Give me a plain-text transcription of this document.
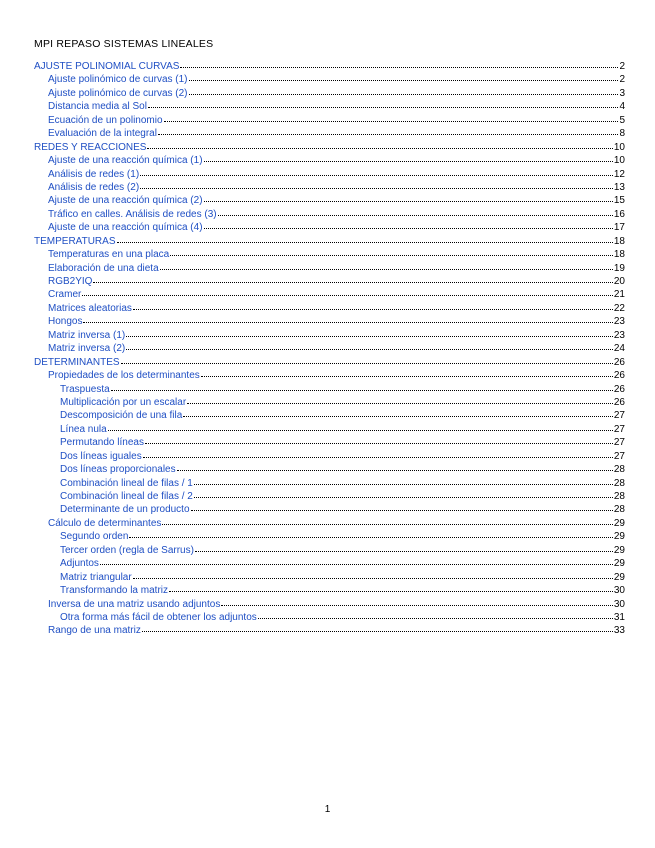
MPI REPASO SISTEMAS LINEALES
AJUSTE POLINOMIAL CURVAS	2
Ajuste polinómico de curvas (1)	2
Ajuste polinómico de curvas (2)	3
Distancia media al Sol	4
Ecuación de un polinomio	5
Evaluación de la integral	8
REDES Y REACCIONES	10
Ajuste de una reacción química (1)	10
Análisis de redes (1)	12
Análisis de redes (2)	13
Ajuste de una reacción química (2)	15
Tráfico en calles. Análisis de redes (3)	16
Ajuste de una reacción química (4)	17
TEMPERATURAS	18
Temperaturas en una placa	18
Elaboración de una dieta	19
RGB2YIQ	20
Cramer	21
Matrices aleatorias	22
Hongos	23
Matriz inversa (1)	23
Matriz inversa (2)	24
DETERMINANTES	26
Propiedades de los determinantes	26
Traspuesta	26
Multiplicación por un escalar	26
Descomposición de una fila	27
Línea nula	27
Permutando líneas	27
Dos líneas iguales	27
Dos líneas proporcionales	28
Combinación lineal de filas / 1	28
Combinación lineal de filas / 2	28
Determinante de un producto	28
Cálculo de determinantes	29
Segundo orden	29
Tercer orden (regla de Sarrus)	29
Adjuntos	29
Matriz triangular	29
Transformando la matriz	30
Inversa de una matriz usando adjuntos	30
Otra forma más fácil de obtener los adjuntos	31
Rango de una matriz	33
1
